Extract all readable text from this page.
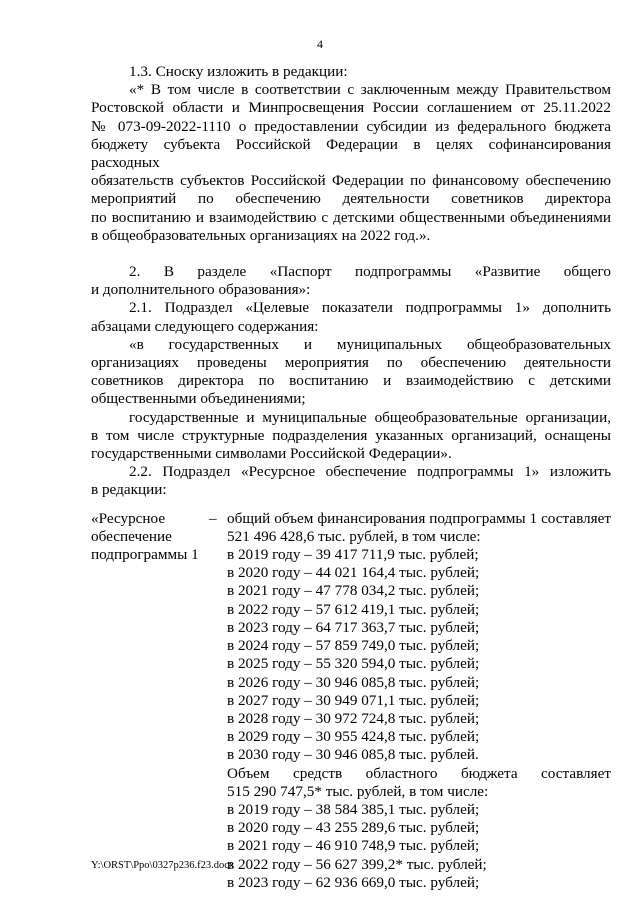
4

1.3. Сноску изложить в редакции:

«* В том числе в соответствии с заключенным между Правительством

Ростовской области и Минпросвещения России соглашением от 25.11.2022

№ 073-09-2022-1110 о предоставлении субсидии из федерального бюджета

бюджету субъекта Российской Федерации в целях софинансирования расходных

обязательств субъектов Российской Федерации по финансовому обеспечению

мероприятий по обеспечению деятельности советников директора

по воспитанию и взаимодействию с детскими общественными объединениями

в общеобразовательных организациях на 2022 год.».

2. В разделе «Паспорт подпрограммы «Развитие общего

и дополнительного образования»:

2.1. Подраздел «Целевые показатели подпрограммы 1» дополнить

абзацами следующего содержания:

«в государственных и муниципальных общеобразовательных

организациях проведены мероприятия по обеспечению деятельности

советников директора по воспитанию и взаимодействию с детскими

общественными объединениями;

государственные и муниципальные общеобразовательные организации,

в том числе структурные подразделения указанных организаций, оснащены

государственными символами Российской Федерации».

2.2. Подраздел «Ресурсное обеспечение подпрограммы 1» изложить

в редакции:

«Ресурсное

обеспечение

подпрограммы 1

– общий объем финансирования подпрограммы 1 составляет

521 496 428,6 тыс. рублей, в том числе:

в 2019 году – 39 417 711,9 тыс. рублей;

в 2020 году – 44 021 164,4 тыс. рублей;

в 2021 году – 47 778 034,2 тыс. рублей;

в 2022 году – 57 612 419,1 тыс. рублей;

в 2023 году – 64 717 363,7 тыс. рублей;

в 2024 году – 57 859 749,0 тыс. рублей;

в 2025 году – 55 320 594,0 тыс. рублей;

в 2026 году – 30 946 085,8 тыс. рублей;

в 2027 году – 30 949 071,1 тыс. рублей;

в 2028 году – 30 972 724,8 тыс. рублей;

в 2029 году – 30 955 424,8 тыс. рублей;

в 2030 году – 30 946 085,8 тыс. рублей.

Объем средств областного бюджета составляет

515 290 747,5* тыс. рублей, в том числе:

в 2019 году – 38 584 385,1 тыс. рублей;

в 2020 году – 43 255 289,6 тыс. рублей;

в 2021 году – 46 910 748,9 тыс. рублей;

в 2022 году – 56 627 399,2* тыс. рублей;

в 2023 году – 62 936 669,0 тыс. рублей;

Y:\ORST\Ppo\0327p236.f23.docx
